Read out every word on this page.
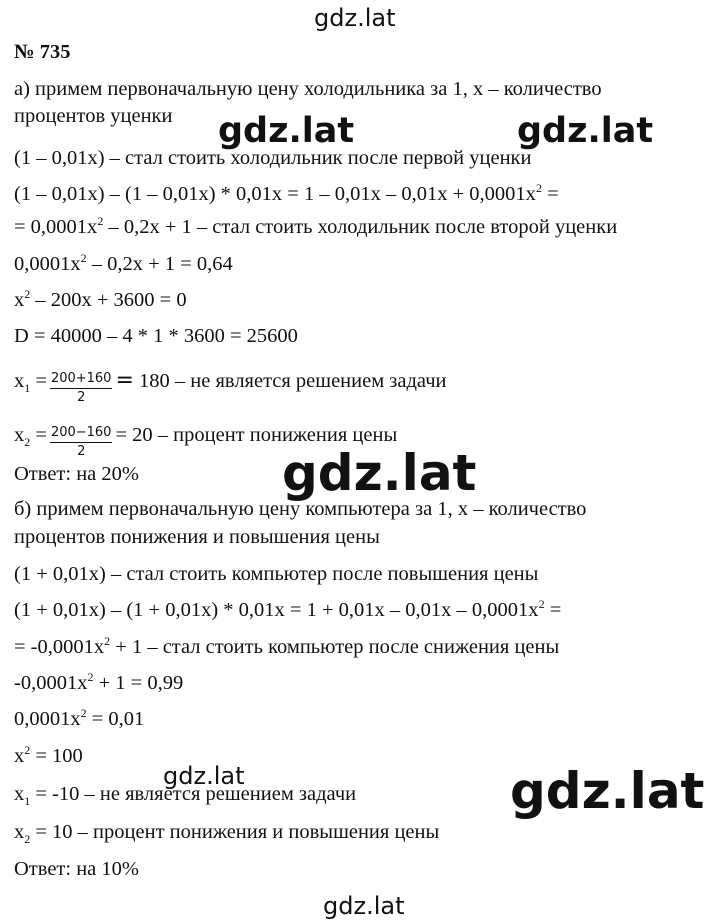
gdz.lat
gdz.lat	gdz.lat
gdz.lat
gdz.lat	gdz.lat
gdz.lat
№ 735
а) примем первоначальную цену холодильника за 1, x – количество
процентов уценки
(1 – 0,01x) – стал стоить холодильник после первой уценки
$(1 - 0,01x) - (1 - 0,01x) * 0,01x = 1 - 0,01x - 0,01x + 0,0001x^2$ =
= $0,0001x^2 - 0,2x + 1$ – стал стоить холодильник после второй уценки
$0,0001x^2 - 0,2x + 1 = 0,64$
$x^2 - 200x + 3600 = 0$
D = 40000 – 4 * 1 * 3600 = 25600
$x_1 = \frac{200+160}{2} = 180$ – не является решением задачи
$x_2 = \frac{200-160}{2} = 20$ – процент понижения цены
Ответ: на 20%
б) примем первоначальную цену компьютера за 1, x – количество
процентов понижения и повышения цены
(1 + 0,01x) – стал стоить компьютер после повышения цены
$(1 + 0,01x) - (1 + 0,01x) * 0,01x = 1 + 0,01x - 0,01x - 0,0001x^2$ =
= $-0,0001x^2 + 1$ – стал стоить компьютер после снижения цены
$-0,0001x^2 + 1 = 0,99$
$0,0001x^2 = 0,01$
$x^2 = 100$
$x_1 = -10$ – не является решением задачи
$x_2 = 10$ – процент понижения и повышения цены
Ответ: на 10%
